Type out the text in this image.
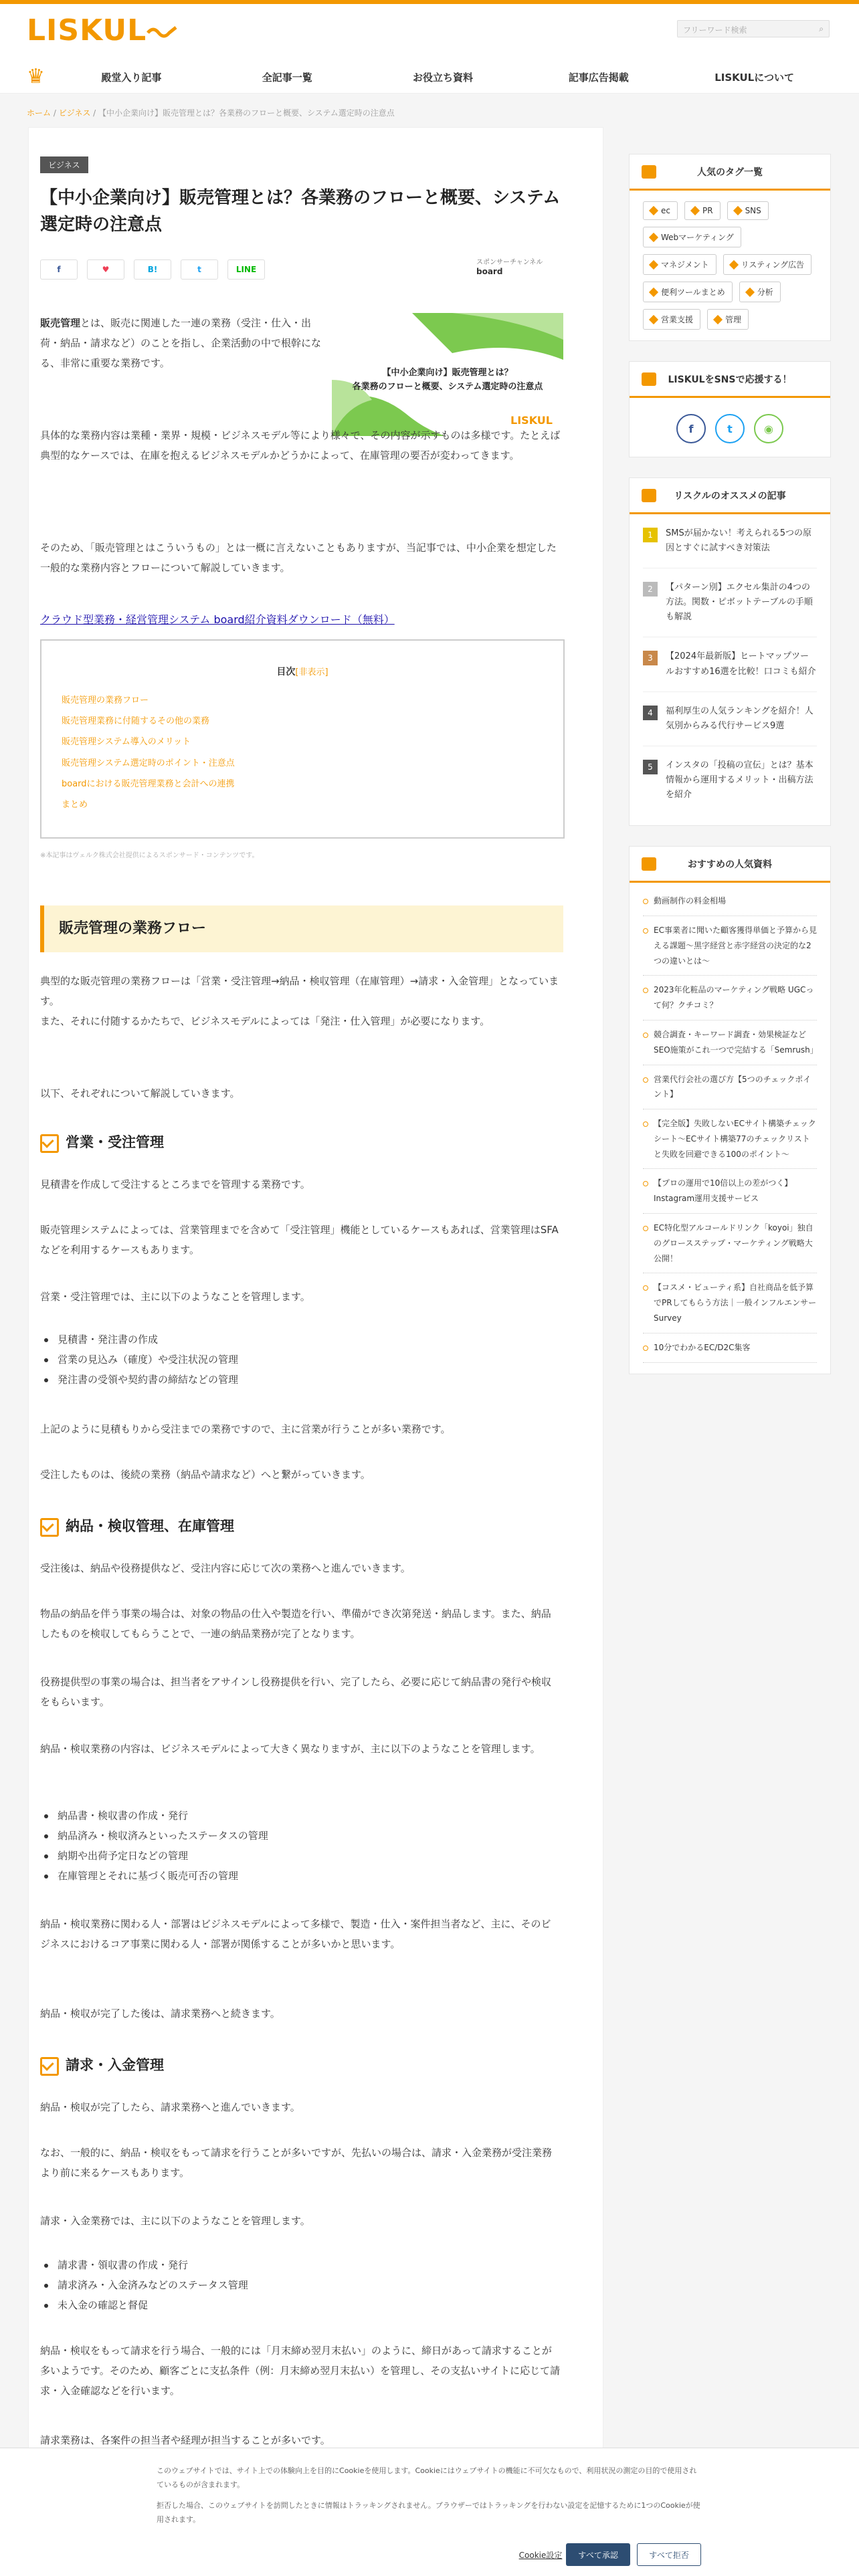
LISKUL	フリーワード検索	⌕
♛	殿堂入り記事	全記事一覧	お役立ち資料	記事広告掲載	LISKULについて
ホーム / ビジネス / 【中小企業向け】販売管理とは？各業務のフローと概要、システム選定時の注意点
ビジネス
【中小企業向け】販売管理とは？各業務のフローと概要、システム選定時の注意点
f	♥	B!	t	LINE
スポンサーチャンネル
board
販売管理とは、販売に関連した一連の業務（受注・仕入・出荷・納品・請求など）のことを指し、企業活動の中で根幹になる、非常に重要な業務です。
【中小企業向け】販売管理とは？
各業務のフローと概要、システム選定時の注意点
LISKUL
具体的な業務内容は業種・業界・規模・ビジネスモデル等により様々で、その内容が示すものは多様です。たとえば典型的なケースでは、在庫を抱えるビジネスモデルかどうかによって、在庫管理の要否が変わってきます。
そのため、「販売管理とはこういうもの」とは一概に言えないこともありますが、当記事では、中小企業を想定した一般的な業務内容とフローについて解説していきます。
クラウド型業務・経営管理システム board紹介資料ダウンロード（無料）
目次[非表示]
販売管理の業務フロー
販売管理業務に付随するその他の業務
販売管理システム導入のメリット
販売管理システム選定時のポイント・注意点
boardにおける販売管理業務と会計への連携
まとめ
※本記事はヴェルク株式会社提供によるスポンサード・コンテンツです。
販売管理の業務フロー
典型的な販売管理の業務フローは「営業・受注管理→納品・検収管理（在庫管理）→請求・入金管理」となっています。
また、それに付随するかたちで、ビジネスモデルによっては「発注・仕入管理」が必要になります。
以下、それぞれについて解説していきます。
営業・受注管理
見積書を作成して受注するところまでを管理する業務です。
販売管理システムによっては、営業管理までを含めて「受注管理」機能としているケースもあれば、営業管理はSFAなどを利用するケースもあります。
営業・受注管理では、主に以下のようなことを管理します。
見積書・発注書の作成
営業の見込み（確度）や受注状況の管理
発注書の受領や契約書の締結などの管理
上記のように見積もりから受注までの業務ですので、主に営業が行うことが多い業務です。
受注したものは、後続の業務（納品や請求など）へと繋がっていきます。
納品・検収管理、在庫管理
受注後は、納品や役務提供など、受注内容に応じて次の業務へと進んでいきます。
物品の納品を伴う事業の場合は、対象の物品の仕入や製造を行い、準備ができ次第発送・納品します。また、納品したものを検収してもらうことで、一連の納品業務が完了となります。
役務提供型の事業の場合は、担当者をアサインし役務提供を行い、完了したら、必要に応じて納品書の発行や検収をもらいます。
納品・検収業務の内容は、ビジネスモデルによって大きく異なりますが、主に以下のようなことを管理します。
納品書・検収書の作成・発行
納品済み・検収済みといったステータスの管理
納期や出荷予定日などの管理
在庫管理とそれに基づく販売可否の管理
納品・検収業務に関わる人・部署はビジネスモデルによって多様で、製造・仕入・案件担当者など、主に、そのビジネスにおけるコア事業に関わる人・部署が関係することが多いかと思います。
納品・検収が完了した後は、請求業務へと続きます。
請求・入金管理
納品・検収が完了したら、請求業務へと進んでいきます。
なお、一般的に、納品・検収をもって請求を行うことが多いですが、先払いの場合は、請求・入金業務が受注業務より前に来るケースもあります。
請求・入金業務では、主に以下のようなことを管理します。
請求書・領収書の作成・発行
請求済み・入金済みなどのステータス管理
未入金の確認と督促
納品・検収をもって請求を行う場合、一般的には「月末締め翌月末払い」のように、締日があって請求することが多いようです。そのため、顧客ごとに支払条件（例：月末締め翌月末払い）を管理し、その支払いサイトに応じて請求・入金確認などを行います。
請求業務は、各案件の担当者や経理が担当することが多いです。
人気のタグ一覧
ec	PR	SNS
Webマーケティング
マネジメント	リスティング広告
便利ツールまとめ	分析
営業支援	管理
LISKULをSNSで応援する！
f	t	◉
リスクルのオススメの記事
1	SMSが届かない！考えられる5つの原因とすぐに試すべき対策法
2	【パターン別】エクセル集計の4つの方法。関数・ピボットテーブルの手順も解説
3	【2024年最新版】ヒートマップツールおすすめ16選を比較！口コミも紹介
4	福利厚生の人気ランキングを紹介！人気別からみる代行サービス9選
5	インスタの「投稿の宣伝」とは？基本情報から運用するメリット・出稿方法を紹介
おすすめの人気資料
動画制作の料金相場
EC事業者に聞いた顧客獲得単価と予算から見える課題〜黒字経営と赤字経営の決定的な2つの違いとは〜
2023年化粧品のマーケティング戦略 UGCって何？クチコミ？
競合調査・キーワード調査・効果検証などSEO施策がこれ一つで完結する「Semrush」
営業代行会社の選び方【5つのチェックポイント】
【完全版】失敗しないECサイト構築チェックシート〜ECサイト構築77のチェックリストと失敗を回避できる100のポイント〜
【プロの運用で10倍以上の差がつく】Instagram運用支援サービス
EC特化型アルコールドリンク「koyoi」独自のグロースステップ・マーケティング戦略大公開！
【コスメ・ビューティ系】自社商品を低予算でPRしてもらう方法｜一般インフルエンサーSurvey
10分でわかるEC/D2C集客

このウェブサイトでは、サイト上での体験向上を目的にCookieを使用します。Cookieにはウェブサイトの機能に不可欠なもので、利用状況の測定の目的で使用されているものが含まれます。

拒否した場合、このウェブサイトを訪問したときに情報はトラッキングされません。ブラウザーではトラッキングを行わない設定を記憶するために1つのCookieが使用されます。

Cookie設定	すべて承認	すべて拒否
